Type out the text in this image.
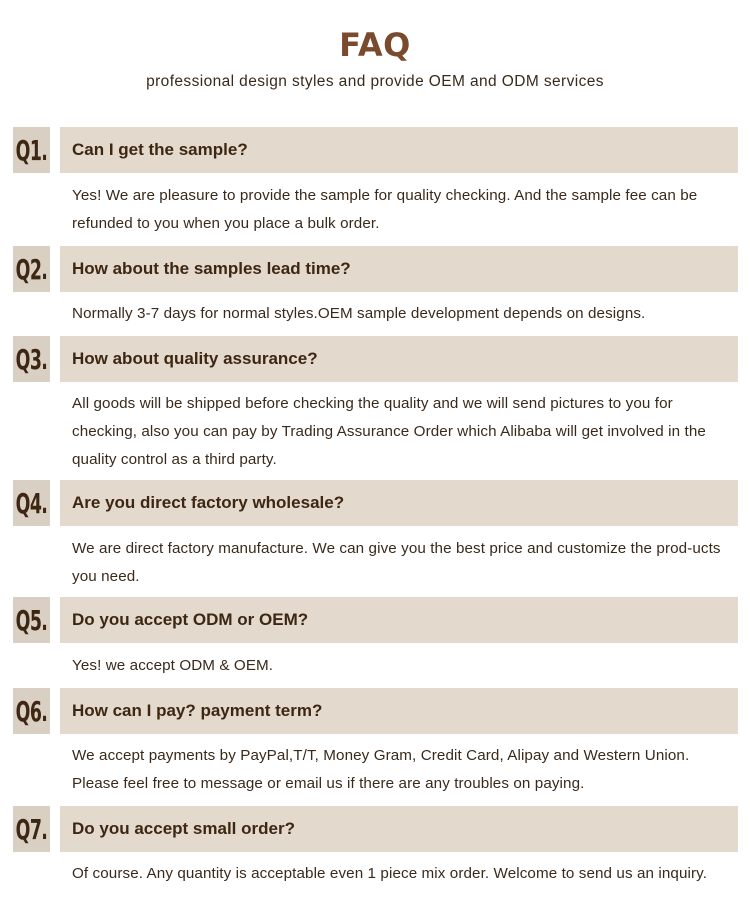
FAQ
professional design styles and provide OEM and ODM services
Q1.	Can I get the sample?
Yes! We are pleasure to provide the sample for quality checking. And the sample fee can be refunded to you when you place a bulk order.
Q2.	How about the samples lead time?
Normally 3-7 days for normal styles.OEM sample development depends on designs.
Q3.	How about quality assurance?
All goods will be shipped before checking the quality and we will send pictures to you for checking, also you can pay by Trading Assurance Order which Alibaba will get involved in the quality control as a third party.
Q4.	Are you direct factory wholesale?
We are direct factory manufacture. We can give you the best price and customize the prod-ucts you need.
Q5.	Do you accept ODM or OEM?
Yes! we accept ODM & OEM.
Q6.	How can I pay? payment term?
We accept payments by PayPal,T/T, Money Gram, Credit Card, Alipay and Western Union. Please feel free to message or email us if there are any troubles on paying.
Q7.	Do you accept small order?
Of course. Any quantity is acceptable even 1 piece mix order. Welcome to send us an inquiry.
